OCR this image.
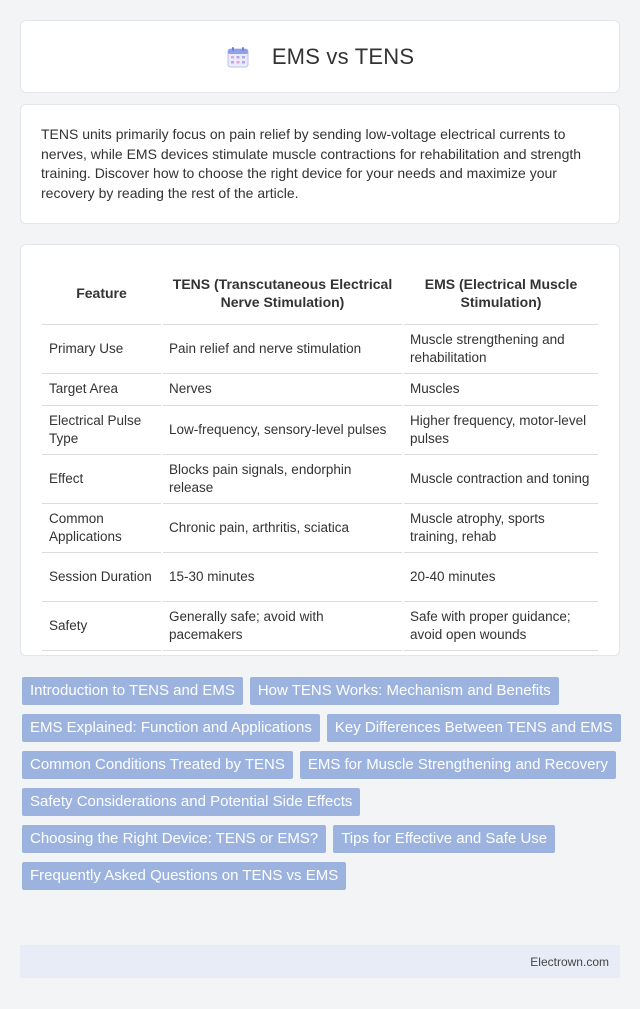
EMS vs TENS

TENS units primarily focus on pain relief by sending low-voltage electrical currents to nerves, while EMS devices stimulate muscle contractions for rehabilitation and strength training. Discover how to choose the right device for your needs and maximize your recovery by reading the rest of the article.

Feature	TENS (Transcutaneous Electrical Nerve Stimulation)	EMS (Electrical Muscle Stimulation)
Primary Use	Pain relief and nerve stimulation	Muscle strengthening and rehabilitation
Target Area	Nerves	Muscles
Electrical Pulse Type	Low-frequency, sensory-level pulses	Higher frequency, motor-level pulses
Effect	Blocks pain signals, endorphin release	Muscle contraction and toning
Common Applications	Chronic pain, arthritis, sciatica	Muscle atrophy, sports training, rehab
Session Duration	15-30 minutes	20-40 minutes
Safety	Generally safe; avoid with pacemakers	Safe with proper guidance; avoid open wounds
Introduction to TENS and EMS	How TENS Works: Mechanism and Benefits
EMS Explained: Function and Applications	Key Differences Between TENS and EMS
Common Conditions Treated by TENS	EMS for Muscle Strengthening and Recovery
Safety Considerations and Potential Side Effects
Choosing the Right Device: TENS or EMS?	Tips for Effective and Safe Use
Frequently Asked Questions on TENS vs EMS
Electrown.com
